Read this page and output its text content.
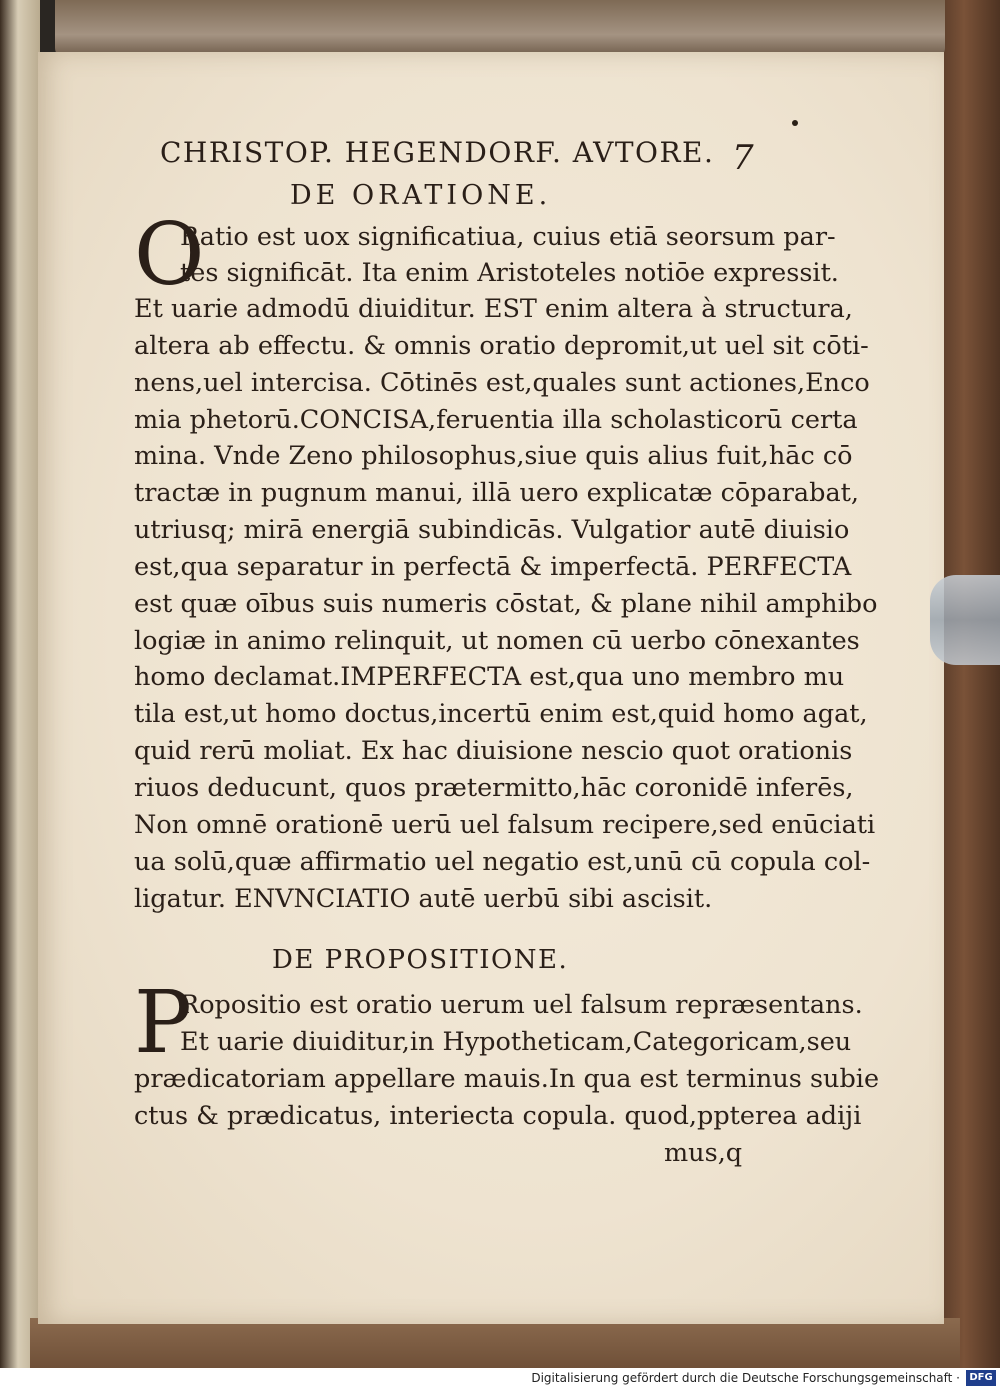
CHRISTOP. HEGENDORF. AVTORE. 7
DE ORATIONE.
O
Ratio est uox significatiua, cuius etiā seorsum par-
tes significāt. Ita enim Aristoteles notiōe expressit.
Et uarie admodū diuiditur. EST enim altera à structura,
altera ab effectu. & omnis oratio depromit,ut uel sit cōti-
nens,uel intercisa. Cōtinēs est,quales sunt actiones,Enco
mia phetorū.CONCISA,feruentia illa scholasticorū certa
mina. Vnde Zeno philosophus,siue quis alius fuit,hāc cō
tractæ in pugnum manui, illā uero explicatæ cōparabat,
utriusq; mirā energiā subindicās. Vulgatior autē diuisio
est,qua separatur in perfectā & imperfectā. PERFECTA
est quæ oībus suis numeris cōstat, & plane nihil amphibo
logiæ in animo relinquit, ut nomen cū uerbo cōnexantes
homo declamat.IMPERFECTA est,qua uno membro mu
tila est,ut homo doctus,incertū enim est,quid homo agat,
quid rerū moliat. Ex hac diuisione nescio quot orationis
riuos deducunt, quos prætermitto,hāc coronidē inferēs,
Non omnē orationē uerū uel falsum recipere,sed enūciati
ua solū,quæ affirmatio uel negatio est,unū cū copula col-
ligatur. ENVNCIATIO autē uerbū sibi ascisit.
DE PROPOSITIONE.
P
Ropositio est oratio uerum uel falsum repræsentans.
Et uarie diuiditur,in Hypotheticam,Categoricam,seu
prædicatoriam appellare mauis.In qua est terminus subie
ctus & prædicatus, interiecta copula. quod,ppterea adiji
mus,q
Digitalisierung gefördert durch die Deutsche Forschungsgemeinschaft · DFG
